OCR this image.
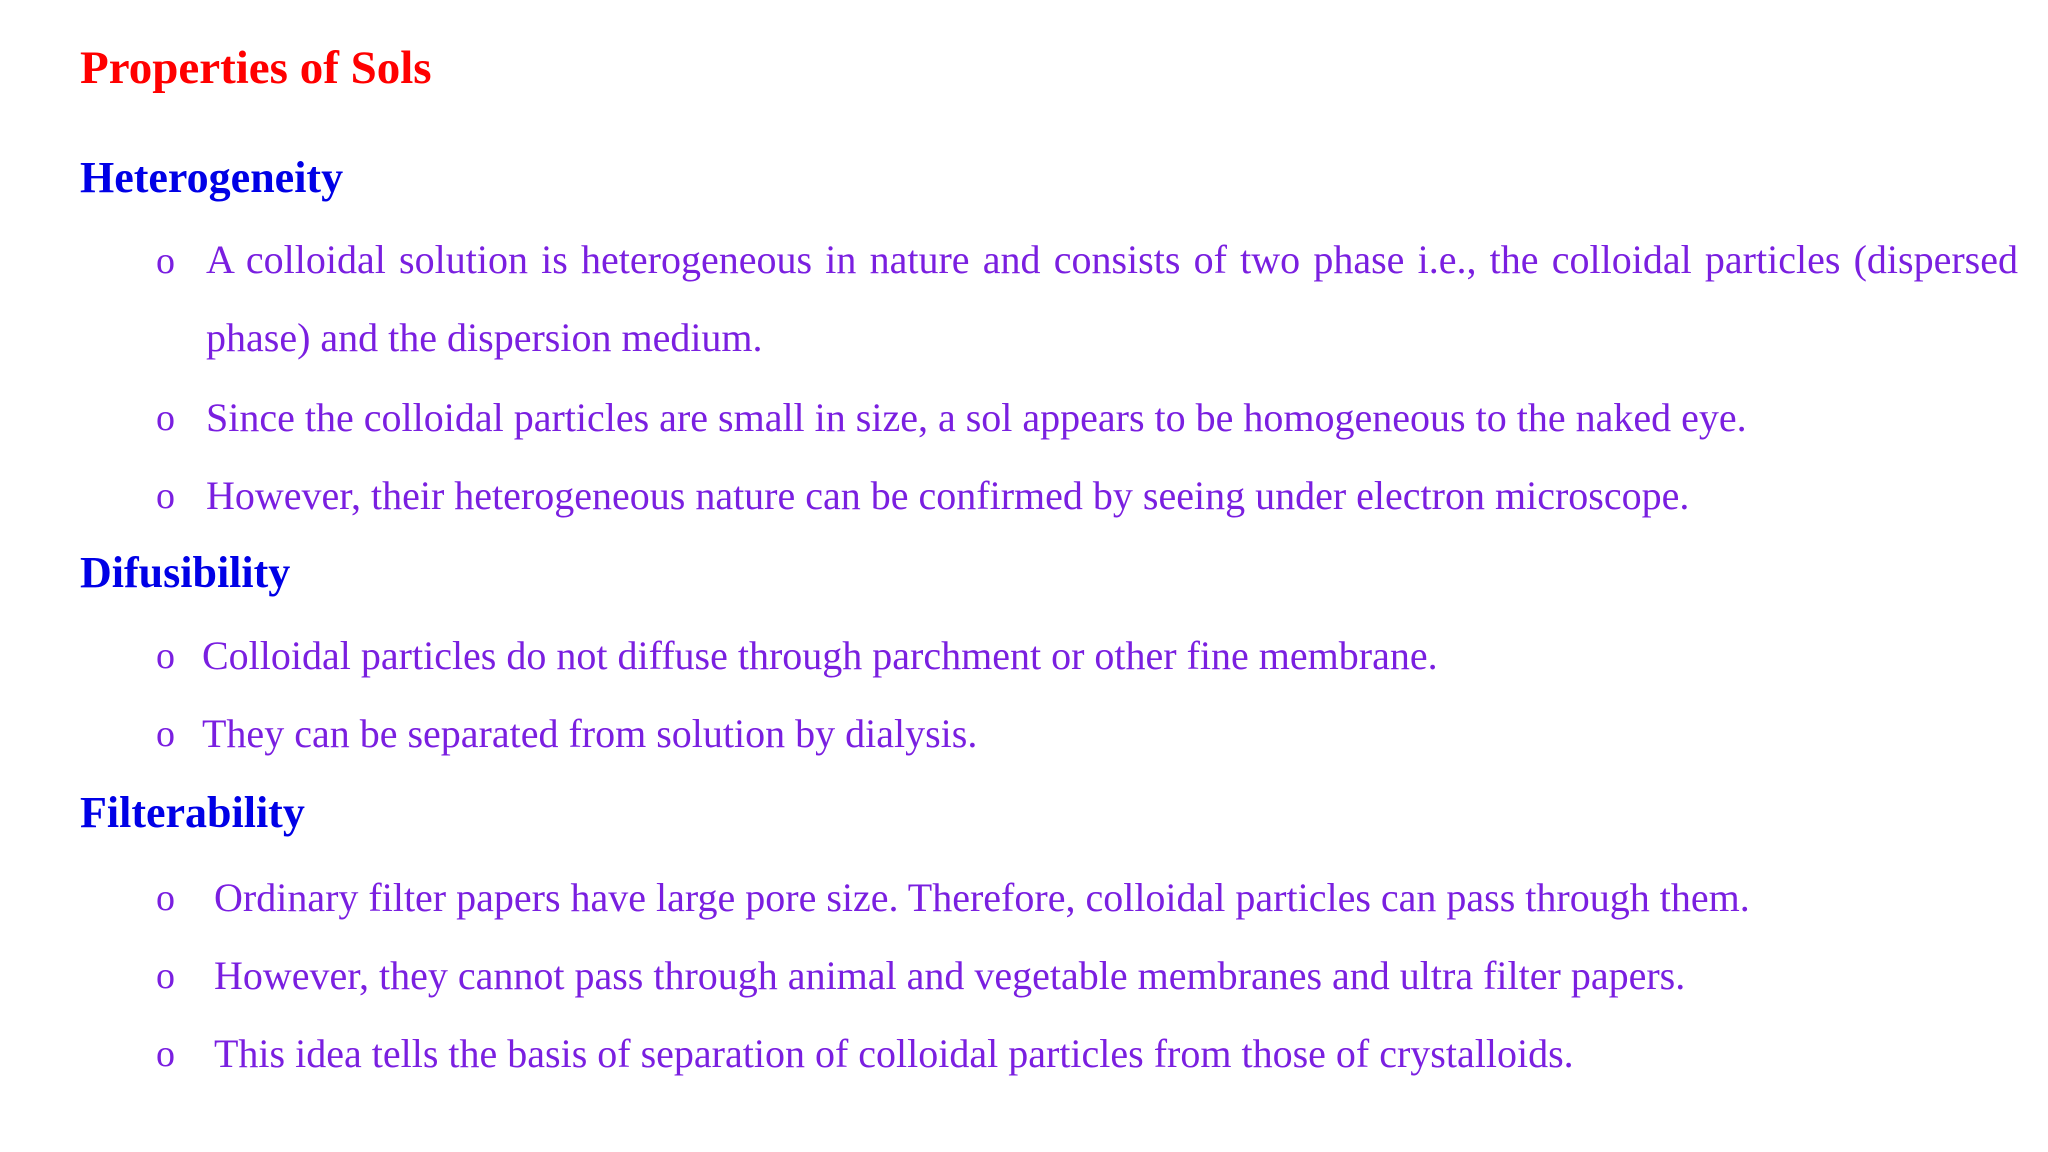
Properties of Sols
Heterogeneity
o A colloidal solution is heterogeneous in nature and consists of two phase i.e., the colloidal particles (dispersed phase) and the dispersion medium.
o Since the colloidal particles are small in size, a sol appears to be homogeneous to the naked eye.
o However, their heterogeneous nature can be confirmed by seeing under electron microscope.
Difusibility
o Colloidal particles do not diffuse through parchment or other fine membrane.
o They can be separated from solution by dialysis.
Filterability
o Ordinary filter papers have large pore size. Therefore, colloidal particles can pass through them.
o However, they cannot pass through animal and vegetable membranes and ultra filter papers.
o This idea tells the basis of separation of colloidal particles from those of crystalloids.
